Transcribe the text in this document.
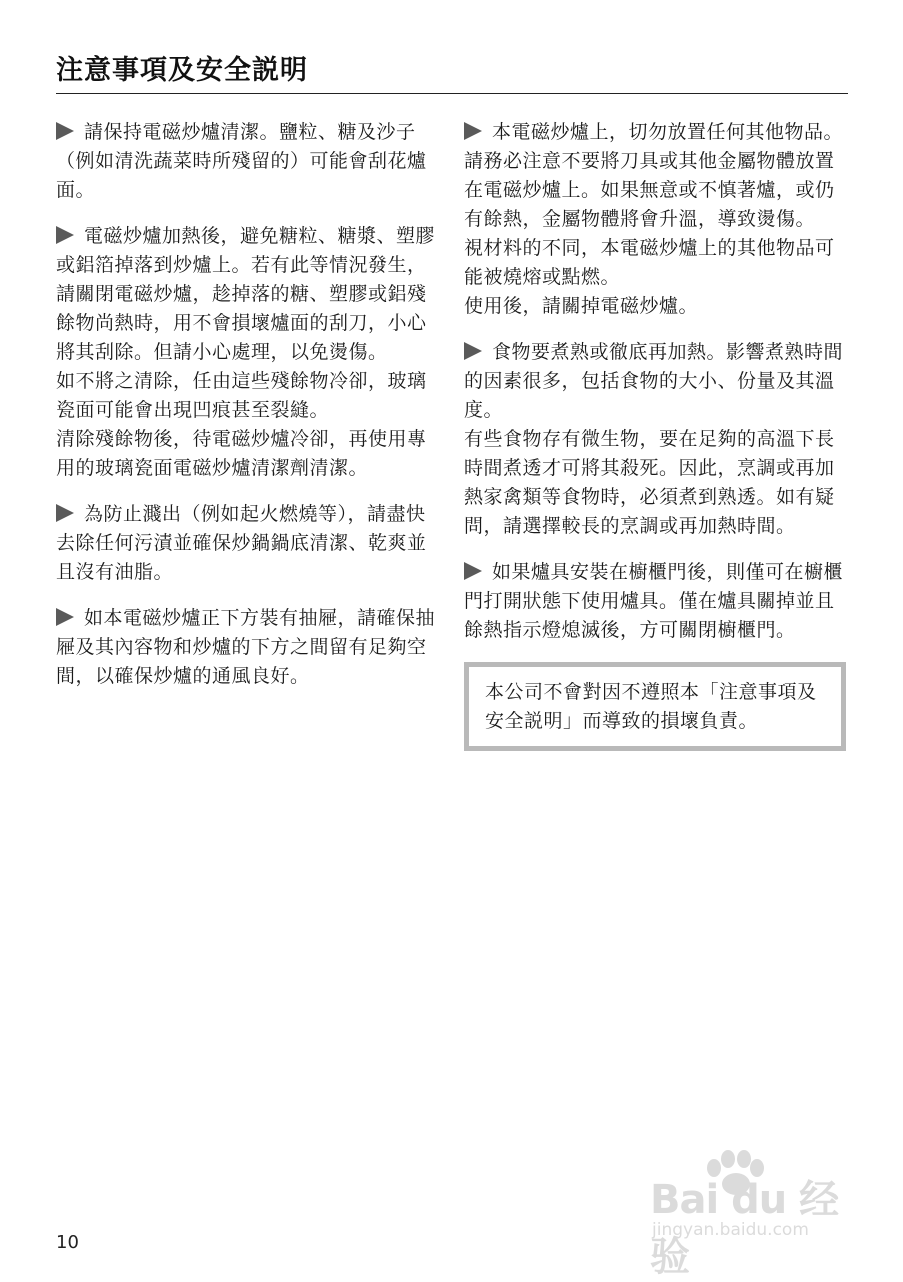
注意事項及安全説明

請保持電磁炒爐清潔。鹽粒、糖及沙子（例如清洗蔬菜時所殘留的）可能會刮花爐面。

電磁炒爐加熱後，避免糖粒、糖漿、塑膠或鋁箔掉落到炒爐上。若有此等情況發生，請關閉電磁炒爐，趁掉落的糖、塑膠或鋁殘餘物尚熱時，用不會損壞爐面的刮刀，小心將其刮除。但請小心處理，以免燙傷。

如不將之清除，任由這些殘餘物冷卻，玻璃瓷面可能會出現凹痕甚至裂縫。

清除殘餘物後，待電磁炒爐冷卻，再使用專用的玻璃瓷面電磁炒爐清潔劑清潔。

為防止濺出（例如起火燃燒等），請盡快去除任何污漬並確保炒鍋鍋底清潔、乾爽並且沒有油脂。

如本電磁炒爐正下方裝有抽屜，請確保抽屜及其內容物和炒爐的下方之間留有足夠空間，以確保炒爐的通風良好。

本電磁炒爐上，切勿放置任何其他物品。請務必注意不要將刀具或其他金屬物體放置在電磁炒爐上。如果無意或不慎著爐，或仍有餘熱，金屬物體將會升溫，導致燙傷。

視材料的不同，本電磁炒爐上的其他物品可能被燒熔或點燃。

使用後，請關掉電磁炒爐。

食物要煮熟或徹底再加熱。影響煮熟時間的因素很多，包括食物的大小、份量及其溫度。

有些食物存有微生物，要在足夠的高溫下長時間煮透才可將其殺死。因此，烹調或再加熱家禽類等食物時，必須煮到熟透。如有疑問，請選擇較長的烹調或再加熱時間。

如果爐具安裝在櫥櫃門後，則僅可在櫥櫃門打開狀態下使用爐具。僅在爐具關掉並且餘熱指示燈熄滅後，方可關閉櫥櫃門。

本公司不會對因不遵照本「注意事項及安全説明」而導致的損壞負責。
10
Bai du 经验
jingyan.baidu.com
